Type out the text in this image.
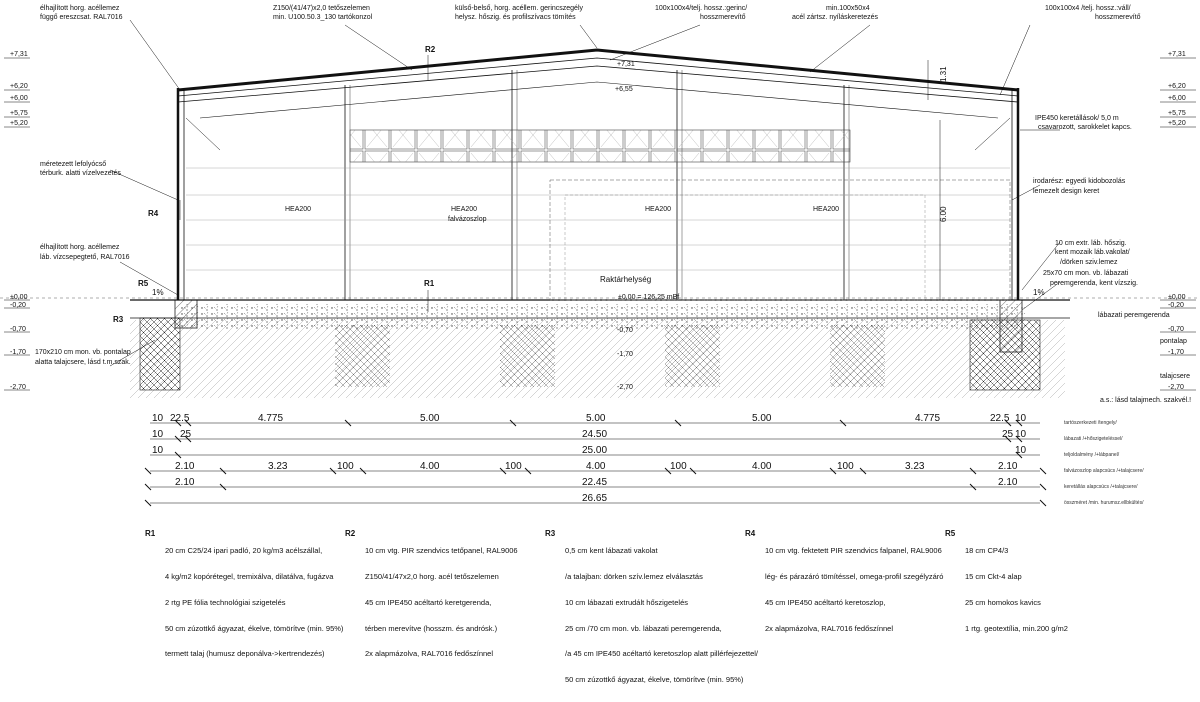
+7,31
+6,20
+6,00
+5,75
+5,20
±0,00
-0,20
-0,70
-1,70
-2,70
+7,31
+6,20
+6,00
+5,75
+5,20
±0,00
-0,20
-0,70
-1,70
-2,70
+7,31
+6,55
-0,70
-1,70
-2,70
élhajlított horg. acéllemez
függő ereszcsat. RAL7016
Z150/(41/47)x2,0 tetőszelemen
min. U100.50.3_130 tartókonzol
külső-belső, horg. acéllem. gerincszegély
helysz. hőszig. és profilszívacs tömítés
100x100x4/telj. hossz.:gerinc/
hosszmerevítő
min.100x50x4
acél zártsz. nyíláskeretezés
100x100x4 /telj. hossz.:váll/
hosszmerevítő
méretezett lefolyócső
térburk. alatti vízelvezetés
élhajlított horg. acéllemez
láb. vízcsepegtető, RAL7016
170x210 cm mon. vb. pontalap
alatta talajcsere, lásd t.m.szak.
IPE450 keretállások/ 5,0 m
csavarozott, sarokkelet kapcs.
irodarész: egyedi kidobozolás
lemezelt design keret
10 cm extr. láb. hőszig.
kent mozaik láb.vakolat/
/dörken sziv.lemez
25x70 cm mon. vb. lábazati
peremgerenda, kent vízszig.
lábazati peremgerenda
pontalap
talajcsere
a.s.: lásd talajmech. szakvél.!
R2
R1
R3
R4
R5
1%	1%
HEA200	HEA200
falvázoszlop
HEA200	HEA200
Raktárhelység
±0,00 = 126,25 mBf
6.00
1.31
10 22.5	4.775	5.00	5.00	5.00	4.775	22.5 10
10 25	24.50	25 10
10	25.00	10
2.10	3.23	100	4.00	100	4.00	100	4.00	100	3.23	2.10
2.10	22.45	2.10
26.65
tartószerkezeti /tengely/
lábazati /+hőszigeteléssel/
teljoldalmény /+lábpanel/
falvázoszlop alapcsúcs /+talajcsere/
keretállás alapcsúcs /+talajcsere/
összméret /min. hurumsz.ellbkültés/
R1

20 cm C25/24 ipari padló, 20 kg/m3 acélszállal,

4 kg/m2 kopórétegel, tremixálva, dilatálva, fugázva

2 rtg PE fólia technológiai szigetelés

50 cm zúzottkő ágyazat, ékelve, tömörítve (min. 95%)

termett talaj (humusz deponálva->kertrendezés)

R2

10 cm vtg. PIR szendvics tetőpanel, RAL9006

Z150/41/47x2,0 horg. acél tetőszelemen

45 cm IPE450 acéltartó keretgerenda,

térben merevítve (hosszm. és andrósk.)

2x alapmázolva, RAL7016 fedőszínnel

R3

0,5 cm kent lábazati vakolat

/a talajban: dörken szív.lemez elválasztás

10 cm lábazati extrudált hőszigetelés

25 cm /70 cm mon. vb. lábazati peremgerenda,

/a 45 cm IPE450 acéltartó keretoszlop alatt pillérfejezettel/

50 cm zúzottkő ágyazat, ékelve, tömörítve (min. 95%)

R4

10 cm vtg. fektetett PIR szendvics falpanel, RAL9006

lég- és párazáró tömítéssel, omega-profil szegélyzáró

45 cm IPE450 acéltartó keretoszlop,

2x alapmázolva, RAL7016 fedőszínnel

R5

18 cm CP4/3

15 cm Ckt-4 alap

25 cm homokos kavics

1 rtg. geotextília, min.200 g/m2
